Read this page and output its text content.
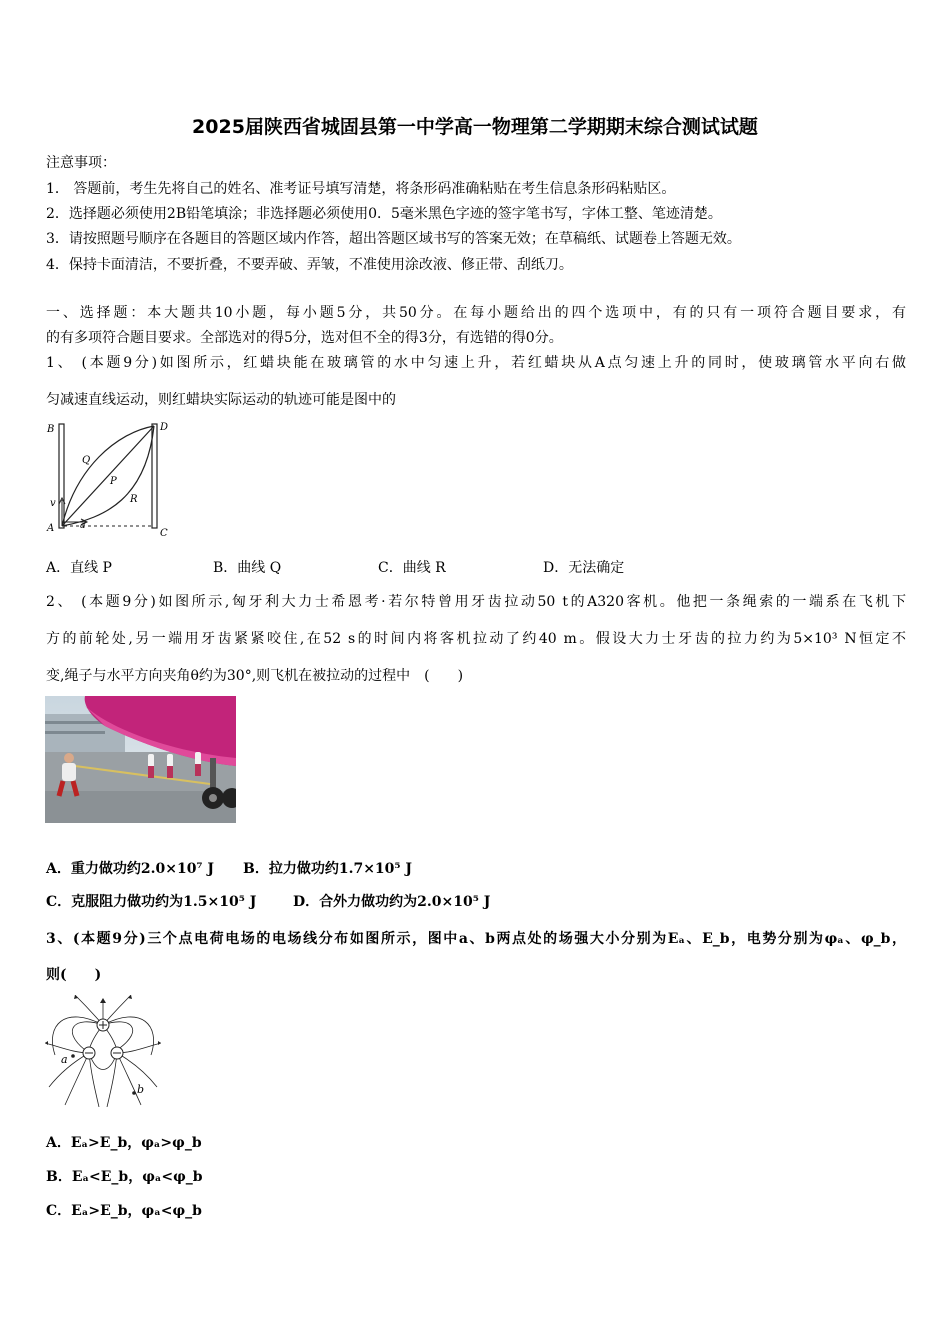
2025届陕西省城固县第一中学高一物理第二学期期末综合测试试题
注意事项：
1． 答题前，考生先将自己的姓名、准考证号填写清楚，将条形码准确粘贴在考生信息条形码粘贴区。
2．选择题必须使用2B铅笔填涂；非选择题必须使用0．5毫米黑色字迹的签字笔书写，字体工整、笔迹清楚。
3．请按照题号顺序在各题目的答题区域内作答，超出答题区域书写的答案无效；在草稿纸、试题卷上答题无效。
4．保持卡面清洁，不要折叠，不要弄破、弄皱，不准使用涂改液、修正带、刮纸刀。
一、选择题：本大题共10小题，每小题5分，共50分。在每小题给出的四个选项中，有的只有一项符合题目要求，有
的有多项符合题目要求。全部选对的得5分，选对但不全的得3分，有选错的得0分。
1、 (本题9分)如图所示，红蜡块能在玻璃管的水中匀速上升，若红蜡块从A点匀速上升的同时，使玻璃管水平向右做
匀减速直线运动，则红蜡块实际运动的轨迹可能是图中的
B	D
Q
P
R
v
A	a
C
A．直线 P	B．曲线 Q	C．曲线 R	D．无法确定
2、 (本题9分)如图所示,匈牙利大力士希恩考·若尔特曾用牙齿拉动50 t的A320客机。他把一条绳索的一端系在飞机下
方的前轮处,另一端用牙齿紧紧咬住,在52 s的时间内将客机拉动了约40 m。假设大力士牙齿的拉力约为5×10³ N恒定不
变,绳子与水平方向夹角θ约为30°,则飞机在被拉动的过程中　(　　)
A．重力做功约2.0×10⁷ J B．拉力做功约1.7×10⁵ J
C．克服阻力做功约为1.5×10⁵ J	D．合外力做功约为2.0×10⁵ J
3、(本题9分)三个点电荷电场的电场线分布如图所示，图中a、b两点处的场强大小分别为Eₐ、E_b，电势分别为φₐ、φ_b，
则(　　)
a
b
A．Eₐ>E_b，φₐ>φ_b
B．Eₐ<E_b，φₐ<φ_b
C．Eₐ>E_b，φₐ<φ_b
